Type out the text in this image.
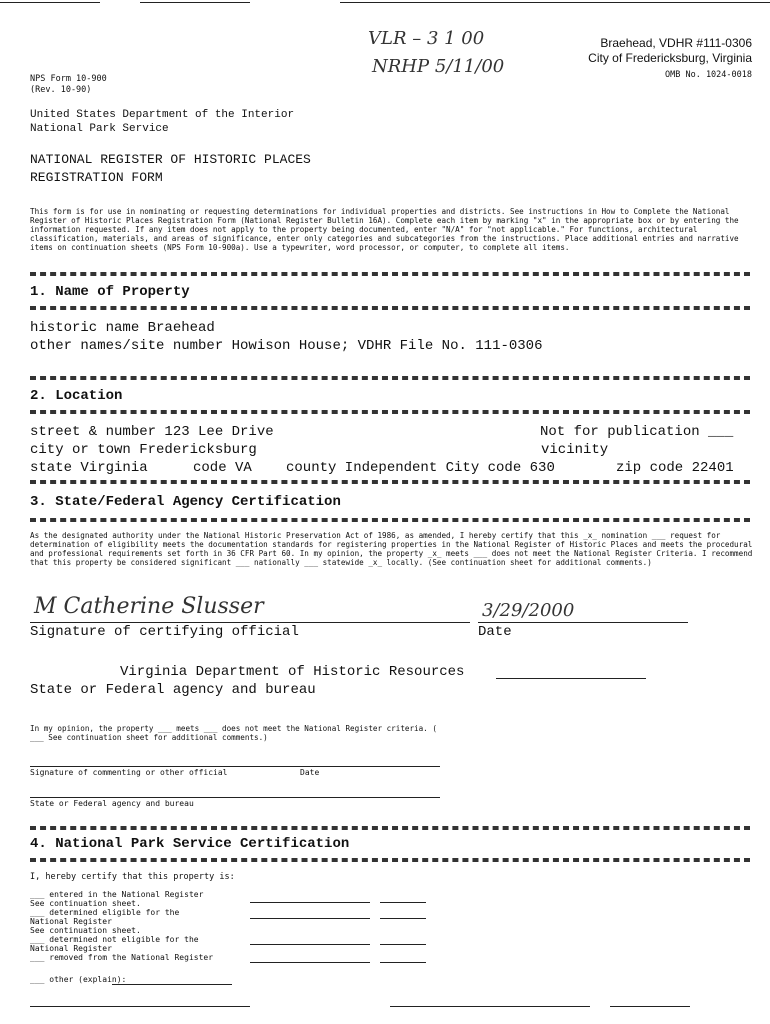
VLR – 3 1 00
NRHP 5/11/00
Braehead, VDHR #111-0306
City of Fredericksburg, Virginia
OMB No. 1024-0018
NPS Form 10-900
(Rev. 10-90)
United States Department of the Interior
National Park Service
NATIONAL REGISTER OF HISTORIC PLACES
REGISTRATION FORM
This form is for use in nominating or requesting determinations for individual properties and districts. See instructions in How to Complete the National Register of Historic Places Registration Form (National Register Bulletin 16A). Complete each item by marking "x" in the appropriate box or by entering the information requested. If any item does not apply to the property being documented, enter "N/A" for "not applicable." For functions, architectural classification, materials, and areas of significance, enter only categories and subcategories from the instructions. Place additional entries and narrative items on continuation sheets (NPS Form 10-900a). Use a typewriter, word processor, or computer, to complete all items.
1. Name of Property
historic name Braehead
other names/site number Howison House; VDHR File No. 111-0306
2. Location
street & number 123 Lee Drive	Not for publication ___
city or town Fredericksburg	vicinity
state Virginia	code VA county Independent City code 630	zip code 22401
3. State/Federal Agency Certification
As the designated authority under the National Historic Preservation Act of 1986, as amended, I hereby certify that this _x_ nomination ___ request for determination of eligibility meets the documentation standards for registering properties in the National Register of Historic Places and meets the procedural and professional requirements set forth in 36 CFR Part 60. In my opinion, the property _x_ meets ___ does not meet the National Register Criteria. I recommend that this property be considered significant ___ nationally ___ statewide _x_ locally. (See continuation sheet for additional comments.)
M Catherine Slusser	3/29/2000
Signature of certifying official	Date
Virginia Department of Historic Resources
State or Federal agency and bureau
In my opinion, the property ___ meets ___ does not meet the National Register criteria. ( ___ See continuation sheet for additional comments.)
Signature of commenting or other official	Date
State or Federal agency and bureau
4. National Park Service Certification
I, hereby certify that this property is:
___ entered in the National Register
See continuation sheet.
___ determined eligible for the
National Register
See continuation sheet.
___ determined not eligible for the
National Register
___ removed from the National Register
___ other (explain):
